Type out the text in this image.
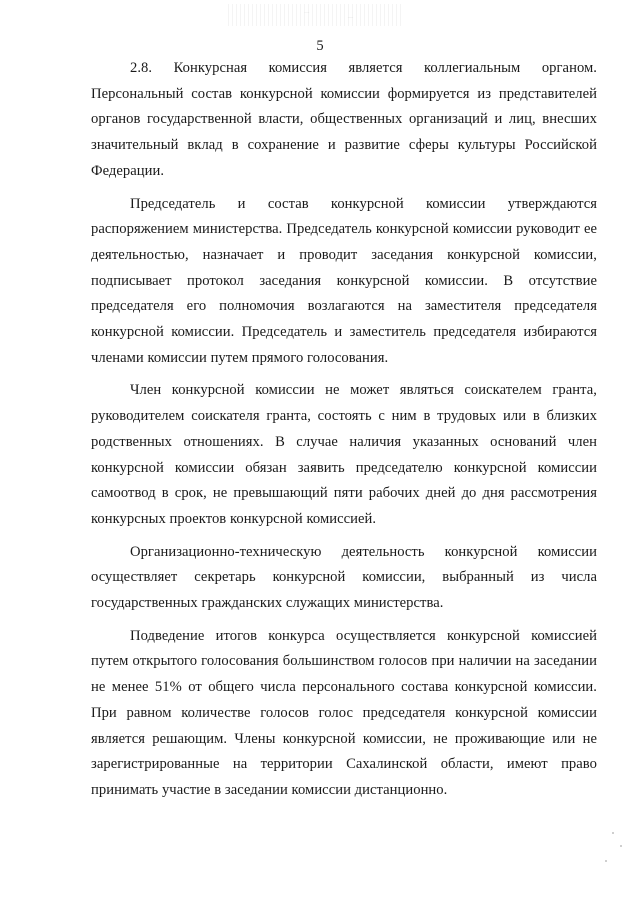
5

2.8. Конкурсная комиссия является коллегиальным органом. Персональный состав конкурсной комиссии формируется из представителей органов государственной власти, общественных организаций и лиц, внесших значительный вклад в сохранение и развитие сферы культуры Российской Федерации.

Председатель и состав конкурсной комиссии утверждаются распоряжением министерства. Председатель конкурсной комиссии руководит ее деятельностью, назначает и проводит заседания конкурсной комиссии, подписывает протокол заседания конкурсной комиссии. В отсутствие председателя его полномочия возлагаются на заместителя председателя конкурсной комиссии. Председатель и заместитель председателя избираются членами комиссии путем прямого голосования.

Член конкурсной комиссии не может являться соискателем гранта, руководителем соискателя гранта, состоять с ним в трудовых или в близких родственных отношениях. В случае наличия указанных оснований член конкурсной комиссии обязан заявить председателю конкурсной комиссии самоотвод в срок, не превышающий пяти рабочих дней до дня рассмотрения конкурсных проектов конкурсной комиссией.

Организационно-техническую деятельность конкурсной комиссии осуществляет секретарь конкурсной комиссии, выбранный из числа государственных гражданских служащих министерства.

Подведение итогов конкурса осуществляется конкурсной комиссией путем открытого голосования большинством голосов при наличии на заседании не менее 51% от общего числа персонального состава конкурсной комиссии. При равном количестве голосов голос председателя конкурсной комиссии является решающим. Члены конкурсной комиссии, не проживающие или не зарегистрированные на территории Сахалинской области, имеют право принимать участие в заседании комиссии дистанционно.
